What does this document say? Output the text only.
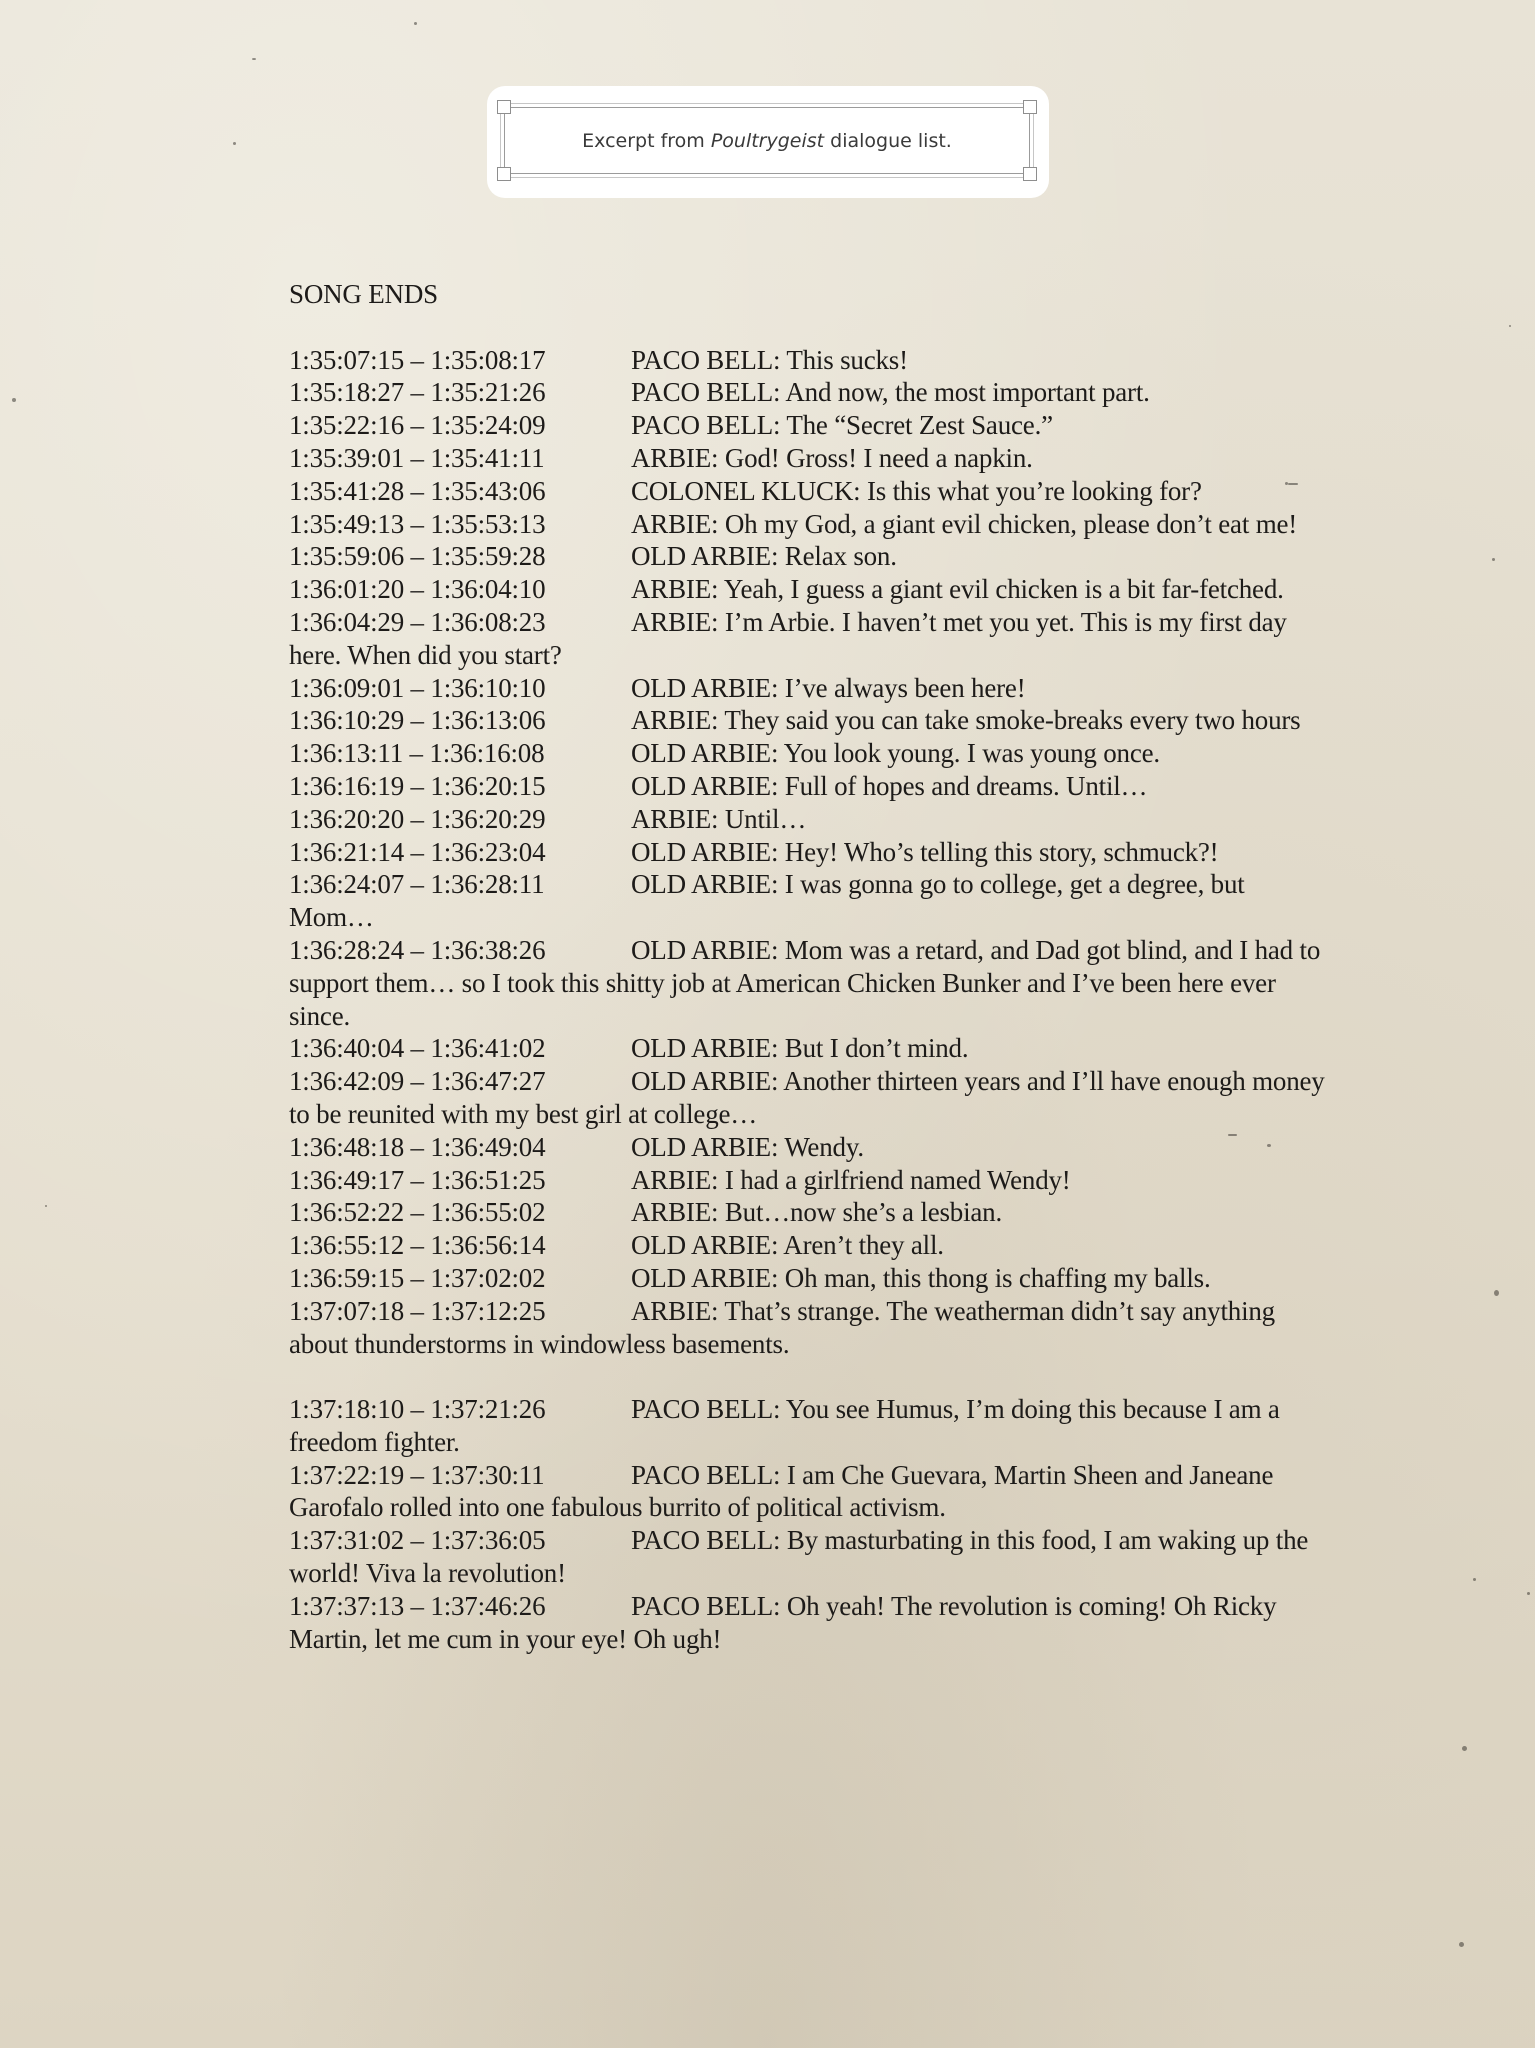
Excerpt from Poultrygeist dialogue list.
SONG ENDS
1:35:07:15 – 1:35:08:17	PACO BELL: This sucks!
1:35:18:27 – 1:35:21:26	PACO BELL: And now, the most important part.
1:35:22:16 – 1:35:24:09	PACO BELL: The “Secret Zest Sauce.”
1:35:39:01 – 1:35:41:11	ARBIE: God! Gross! I need a napkin.
1:35:41:28 – 1:35:43:06	COLONEL KLUCK: Is this what you’re looking for?
1:35:49:13 – 1:35:53:13	ARBIE: Oh my God, a giant evil chicken, please don’t eat me!
1:35:59:06 – 1:35:59:28	OLD ARBIE: Relax son.
1:36:01:20 – 1:36:04:10	ARBIE: Yeah, I guess a giant evil chicken is a bit far-fetched.
1:36:04:29 – 1:36:08:23	ARBIE: I’m Arbie. I haven’t met you yet. This is my first day here. When did you start?
1:36:09:01 – 1:36:10:10	OLD ARBIE: I’ve always been here!
1:36:10:29 – 1:36:13:06	ARBIE: They said you can take smoke-breaks every two hours
1:36:13:11 – 1:36:16:08	OLD ARBIE: You look young. I was young once.
1:36:16:19 – 1:36:20:15	OLD ARBIE: Full of hopes and dreams. Until…
1:36:20:20 – 1:36:20:29	ARBIE: Until…
1:36:21:14 – 1:36:23:04	OLD ARBIE: Hey! Who’s telling this story, schmuck?!
1:36:24:07 – 1:36:28:11	OLD ARBIE: I was gonna go to college, get a degree, but Mom…
1:36:28:24 – 1:36:38:26	OLD ARBIE: Mom was a retard, and Dad got blind, and I had to support them… so I took this shitty job at American Chicken Bunker and I’ve been here ever since.
1:36:40:04 – 1:36:41:02	OLD ARBIE: But I don’t mind.
1:36:42:09 – 1:36:47:27	OLD ARBIE: Another thirteen years and I’ll have enough money to be reunited with my best girl at college…
1:36:48:18 – 1:36:49:04	OLD ARBIE: Wendy.
1:36:49:17 – 1:36:51:25	ARBIE: I had a girlfriend named Wendy!
1:36:52:22 – 1:36:55:02	ARBIE: But…now she’s a lesbian.
1:36:55:12 – 1:36:56:14	OLD ARBIE: Aren’t they all.
1:36:59:15 – 1:37:02:02	OLD ARBIE: Oh man, this thong is chaffing my balls.
1:37:07:18 – 1:37:12:25	ARBIE: That’s strange. The weatherman didn’t say anything about thunderstorms in windowless basements.
1:37:18:10 – 1:37:21:26	PACO BELL: You see Humus, I’m doing this because I am a freedom fighter.
1:37:22:19 – 1:37:30:11	PACO BELL: I am Che Guevara, Martin Sheen and Janeane Garofalo rolled into one fabulous burrito of political activism.
1:37:31:02 – 1:37:36:05	PACO BELL: By masturbating in this food, I am waking up the world! Viva la revolution!
1:37:37:13 – 1:37:46:26	PACO BELL: Oh yeah! The revolution is coming! Oh Ricky Martin, let me cum in your eye! Oh ugh!
